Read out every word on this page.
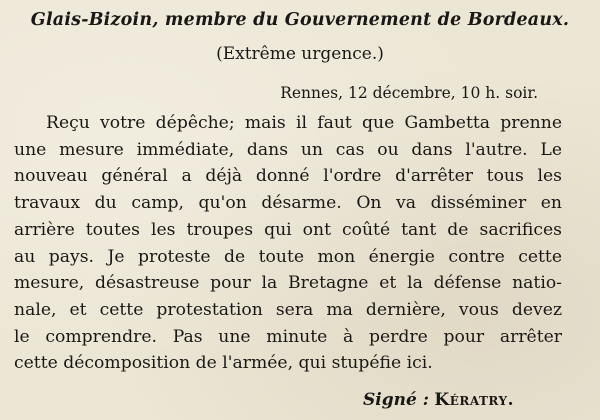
Glais-Bizoin, membre du Gouvernement de Bordeaux.
(Extrême urgence.)
Rennes, 12 décembre, 10 h. soir.
Reçu votre dépêche; mais il faut que Gambetta prenne
une mesure immédiate, dans un cas ou dans l'autre. Le
nouveau général a déjà donné l'ordre d'arrêter tous les
travaux du camp, qu'on désarme. On va disséminer en
arrière toutes les troupes qui ont coûté tant de sacrifices
au pays. Je proteste de toute mon énergie contre cette
mesure, désastreuse pour la Bretagne et la défense natio-
nale, et cette protestation sera ma dernière, vous devez
le comprendre. Pas une minute à perdre pour arrêter
cette décomposition de l'armée, qui stupéfie ici.
Signé : Kératry.
